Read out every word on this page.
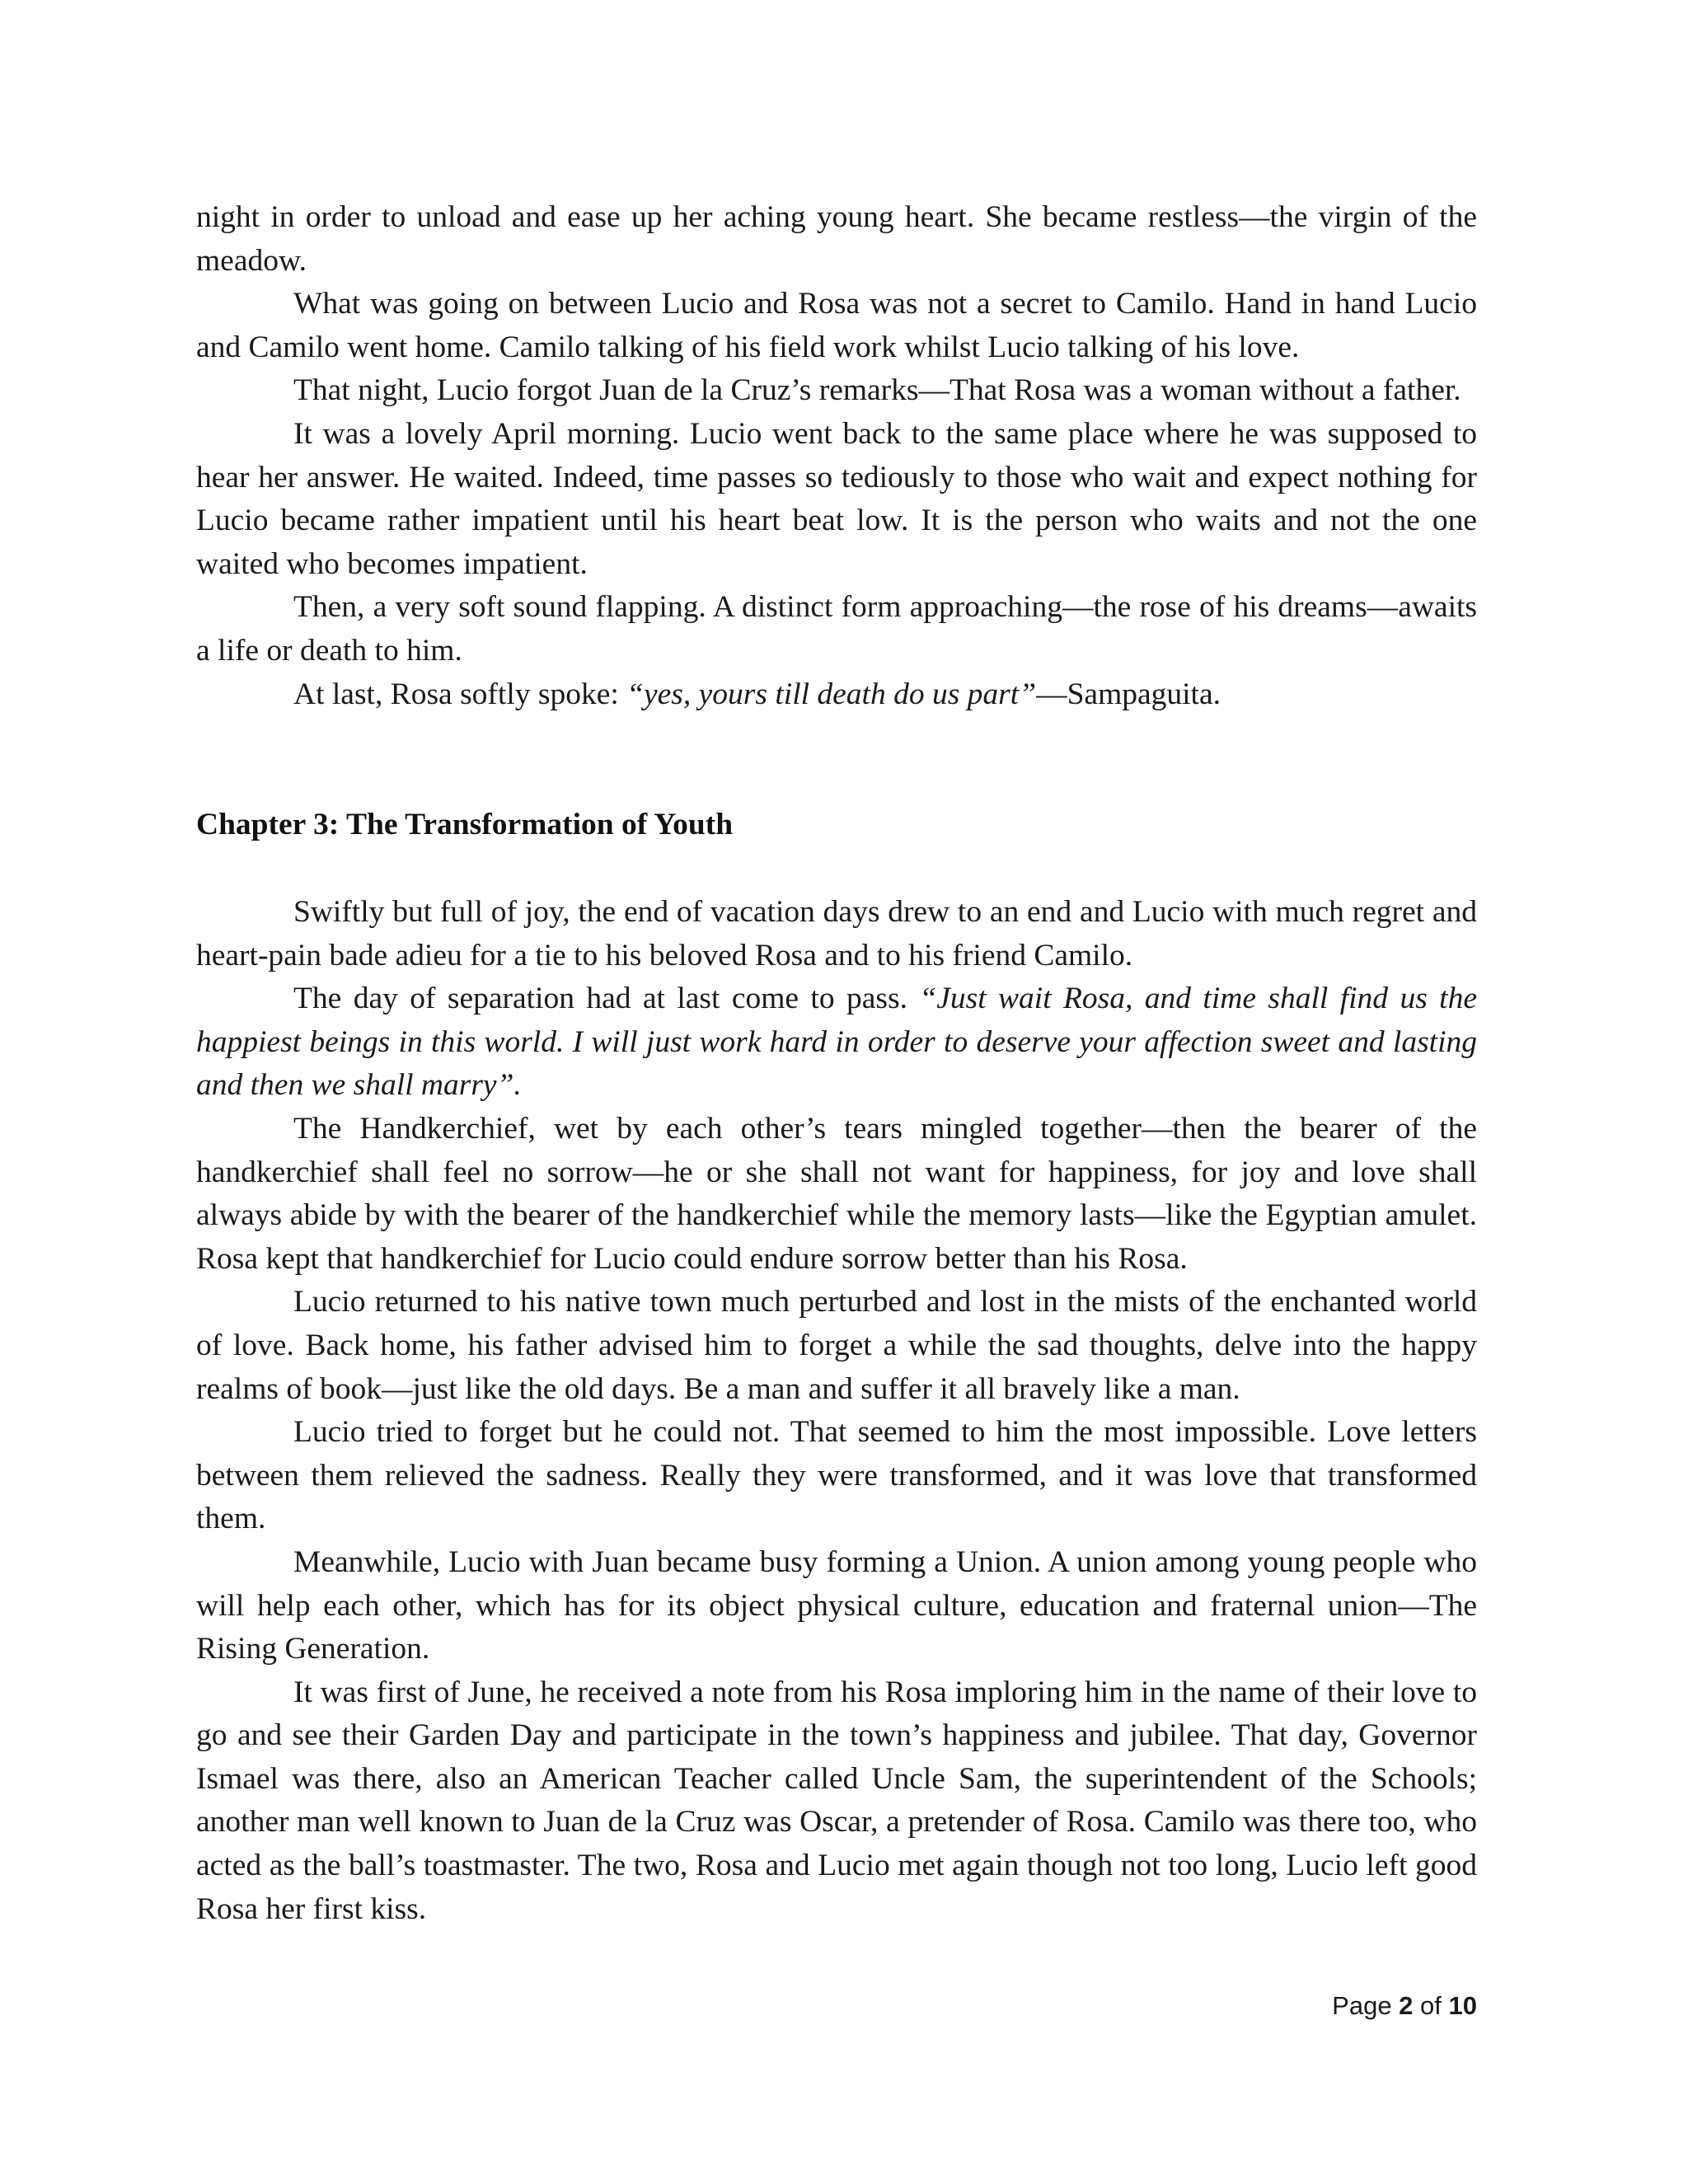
night in order to unload and ease up her aching young heart. She became restless—the virgin of the meadow.

What was going on between Lucio and Rosa was not a secret to Camilo. Hand in hand Lucio and Camilo went home. Camilo talking of his field work whilst Lucio talking of his love.

That night, Lucio forgot Juan de la Cruz’s remarks—That Rosa was a woman without a father.

It was a lovely April morning. Lucio went back to the same place where he was supposed to hear her answer. He waited. Indeed, time passes so tediously to those who wait and expect nothing for Lucio became rather impatient until his heart beat low. It is the person who waits and not the one waited who becomes impatient.

Then, a very soft sound flapping. A distinct form approaching—the rose of his dreams—awaits a life or death to him.

At last, Rosa softly spoke: “yes, yours till death do us part”—Sampaguita.

Chapter 3: The Transformation of Youth

Swiftly but full of joy, the end of vacation days drew to an end and Lucio with much regret and heart-pain bade adieu for a tie to his beloved Rosa and to his friend Camilo.

The day of separation had at last come to pass. “Just wait Rosa, and time shall find us the happiest beings in this world. I will just work hard in order to deserve your affection sweet and lasting and then we shall marry”.

The Handkerchief, wet by each other’s tears mingled together—then the bearer of the handkerchief shall feel no sorrow—he or she shall not want for happiness, for joy and love shall always abide by with the bearer of the handkerchief while the memory lasts—like the Egyptian amulet. Rosa kept that handkerchief for Lucio could endure sorrow better than his Rosa.

Lucio returned to his native town much perturbed and lost in the mists of the enchanted world of love. Back home, his father advised him to forget a while the sad thoughts, delve into the happy realms of book—just like the old days. Be a man and suffer it all bravely like a man.

Lucio tried to forget but he could not. That seemed to him the most impossible. Love letters between them relieved the sadness. Really they were transformed, and it was love that transformed them.

Meanwhile, Lucio with Juan became busy forming a Union. A union among young people who will help each other, which has for its object physical culture, education and fraternal union—The Rising Generation.

It was first of June, he received a note from his Rosa imploring him in the name of their love to go and see their Garden Day and participate in the town’s happiness and jubilee. That day, Governor Ismael was there, also an American Teacher called Uncle Sam, the superintendent of the Schools; another man well known to Juan de la Cruz was Oscar, a pretender of Rosa. Camilo was there too, who acted as the ball’s toastmaster. The two, Rosa and Lucio met again though not too long, Lucio left good Rosa her first kiss.

Page 2 of 10
